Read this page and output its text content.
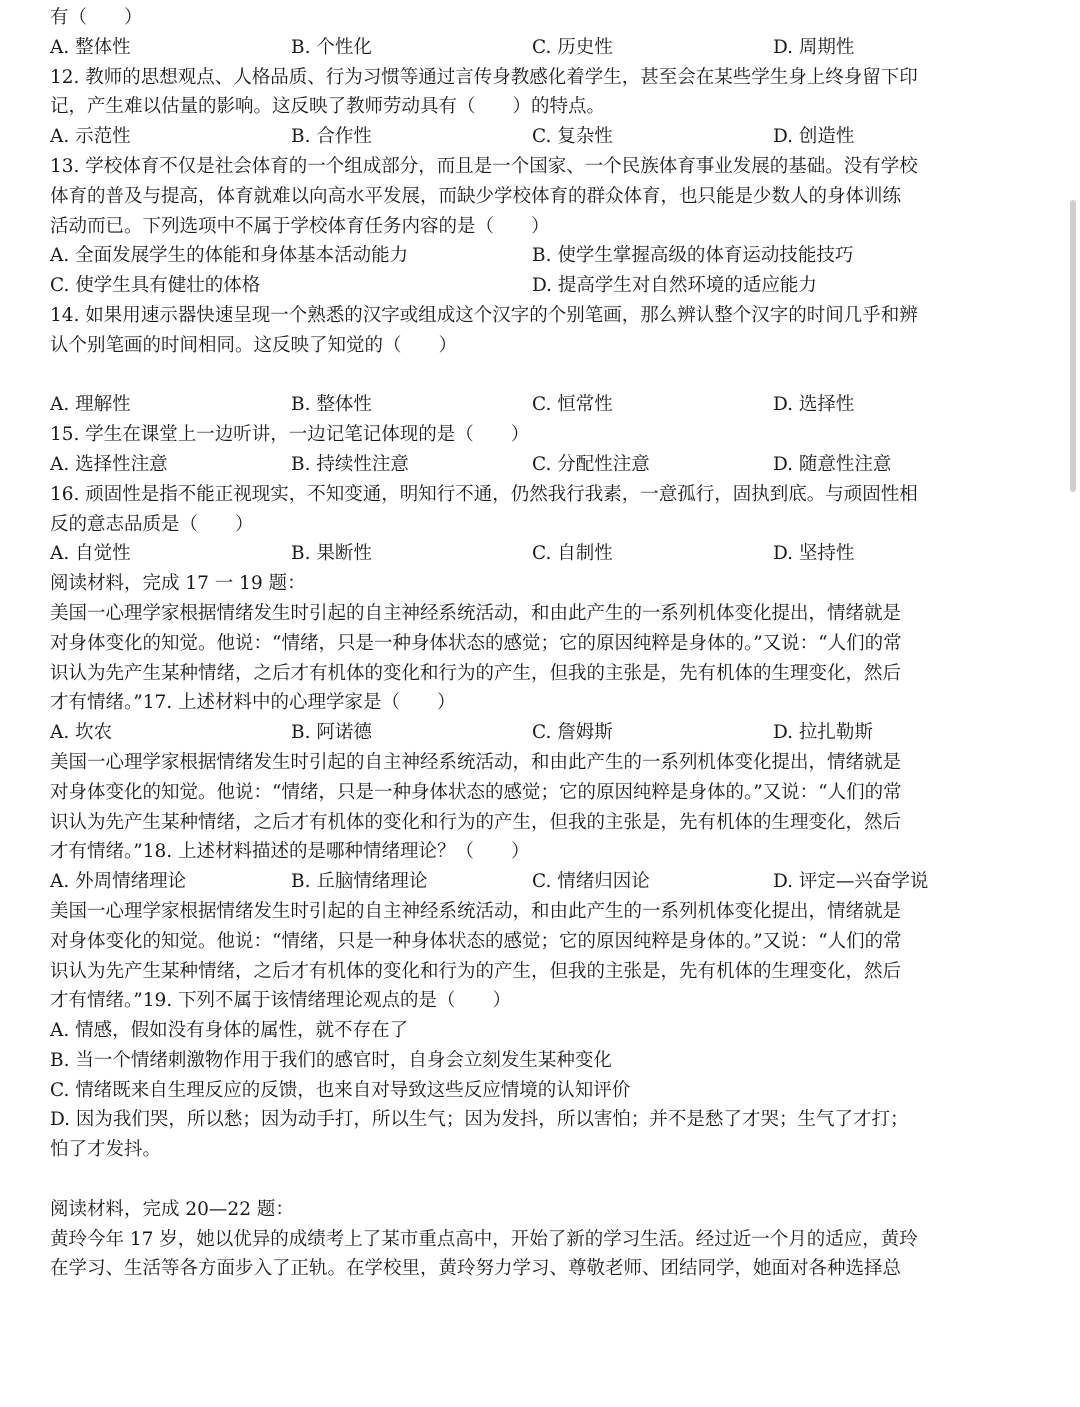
有（　　）
A. 整体性	B. 个性化	C. 历史性	D. 周期性
12. 教师的思想观点、人格品质、行为习惯等通过言传身教感化着学生，甚至会在某些学生身上终身留下印
记，产生难以估量的影响。这反映了教师劳动具有（　　）的特点。
A. 示范性	B. 合作性	C. 复杂性	D. 创造性
13. 学校体育不仅是社会体育的一个组成部分，而且是一个国家、一个民族体育事业发展的基础。没有学校
体育的普及与提高，体育就难以向高水平发展，而缺少学校体育的群众体育，也只能是少数人的身体训练
活动而已。下列选项中不属于学校体育任务内容的是（　　）
A. 全面发展学生的体能和身体基本活动能力	B. 使学生掌握高级的体育运动技能技巧
C. 使学生具有健壮的体格	D. 提高学生对自然环境的适应能力
14. 如果用速示器快速呈现一个熟悉的汉字或组成这个汉字的个别笔画，那么辨认整个汉字的时间几乎和辨
认个别笔画的时间相同。这反映了知觉的（　　）
A. 理解性	B. 整体性	C. 恒常性	D. 选择性
15. 学生在课堂上一边听讲，一边记笔记体现的是（　　）
A. 选择性注意	B. 持续性注意	C. 分配性注意	D. 随意性注意
16. 顽固性是指不能正视现实，不知变通，明知行不通，仍然我行我素，一意孤行，固执到底。与顽固性相
反的意志品质是（　　）
A. 自觉性	B. 果断性	C. 自制性	D. 坚持性
阅读材料，完成 17 一 19 题：
美国一心理学家根据情绪发生时引起的自主神经系统活动，和由此产生的一系列机体变化提出，情绪就是
对身体变化的知觉。他说：“情绪，只是一种身体状态的感觉；它的原因纯粹是身体的。”又说：“人们的常
识认为先产生某种情绪，之后才有机体的变化和行为的产生，但我的主张是，先有机体的生理变化，然后
才有情绪。”17. 上述材料中的心理学家是（　　）
A. 坎农	B. 阿诺德	C. 詹姆斯	D. 拉扎勒斯
美国一心理学家根据情绪发生时引起的自主神经系统活动，和由此产生的一系列机体变化提出，情绪就是
对身体变化的知觉。他说：“情绪，只是一种身体状态的感觉；它的原因纯粹是身体的。”又说：“人们的常
识认为先产生某种情绪，之后才有机体的变化和行为的产生，但我的主张是，先有机体的生理变化，然后
才有情绪。”18. 上述材料描述的是哪种情绪理论？（　　）
A. 外周情绪理论	B. 丘脑情绪理论	C. 情绪归因论	D. 评定—兴奋学说
美国一心理学家根据情绪发生时引起的自主神经系统活动，和由此产生的一系列机体变化提出，情绪就是
对身体变化的知觉。他说：“情绪，只是一种身体状态的感觉；它的原因纯粹是身体的。”又说：“人们的常
识认为先产生某种情绪，之后才有机体的变化和行为的产生，但我的主张是，先有机体的生理变化，然后
才有情绪。”19. 下列不属于该情绪理论观点的是（　　）
A. 情感，假如没有身体的属性，就不存在了
B. 当一个情绪刺激物作用于我们的感官时，自身会立刻发生某种变化
C. 情绪既来自生理反应的反馈，也来自对导致这些反应情境的认知评价
D. 因为我们哭，所以愁；因为动手打，所以生气；因为发抖，所以害怕；并不是愁了才哭；生气了才打；
怕了才发抖。
阅读材料，完成 20—22 题：
黄玲今年 17 岁，她以优异的成绩考上了某市重点高中，开始了新的学习生活。经过近一个月的适应，黄玲
在学习、生活等各方面步入了正轨。在学校里，黄玲努力学习、尊敬老师、团结同学，她面对各种选择总
